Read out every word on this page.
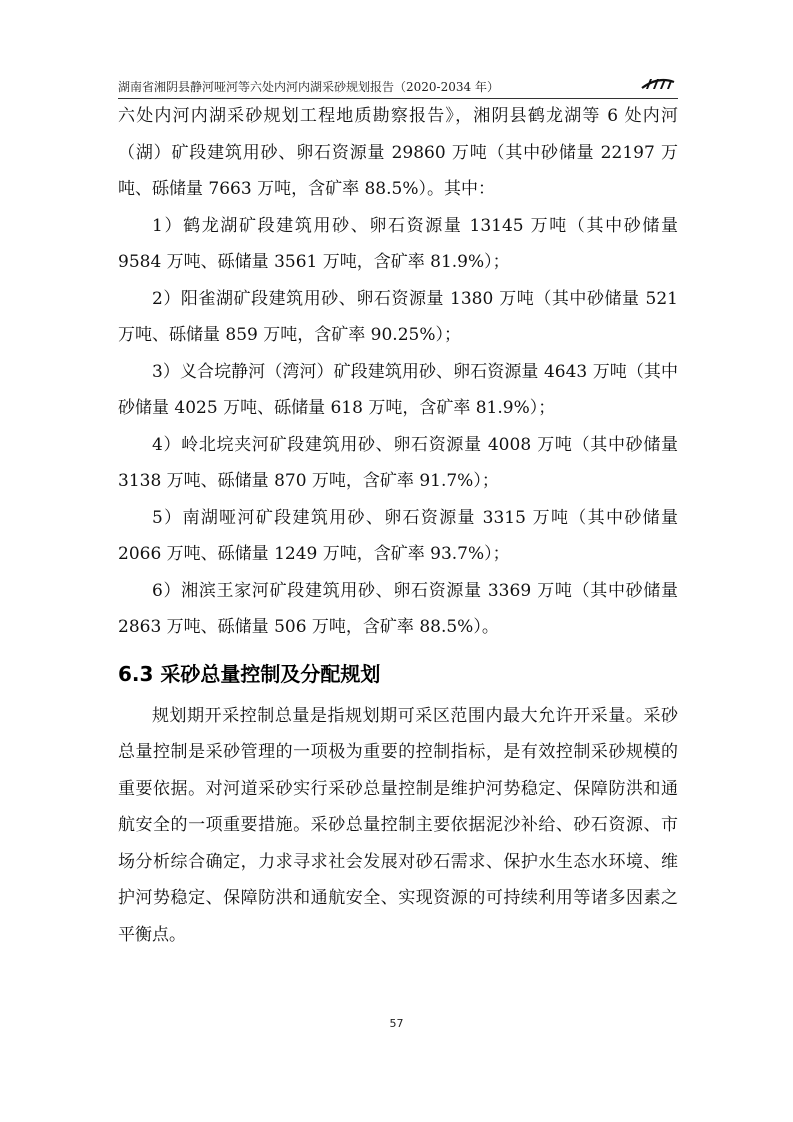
湖南省湘阴县静河哑河等六处内河内湖采砂规划报告（2020-2034 年）

六处内河内湖采砂规划工程地质勘察报告》，湘阴县鹤龙湖等 6 处内河（湖）矿段建筑用砂、卵石资源量 29860 万吨（其中砂储量 22197 万吨、砾储量 7663 万吨，含矿率 88.5%）。其中：

1）鹤龙湖矿段建筑用砂、卵石资源量 13145 万吨（其中砂储量 9584 万吨、砾储量 3561 万吨，含矿率 81.9%）；

2）阳雀湖矿段建筑用砂、卵石资源量 1380 万吨（其中砂储量 521 万吨、砾储量 859 万吨，含矿率 90.25%）；

3）义合垸静河（湾河）矿段建筑用砂、卵石资源量 4643 万吨（其中砂储量 4025 万吨、砾储量 618 万吨，含矿率 81.9%）；

4）岭北垸夹河矿段建筑用砂、卵石资源量 4008 万吨（其中砂储量 3138 万吨、砾储量 870 万吨，含矿率 91.7%）；

5）南湖哑河矿段建筑用砂、卵石资源量 3315 万吨（其中砂储量 2066 万吨、砾储量 1249 万吨，含矿率 93.7%）；

6）湘滨王家河矿段建筑用砂、卵石资源量 3369 万吨（其中砂储量 2863 万吨、砾储量 506 万吨，含矿率 88.5%）。

6.3 采砂总量控制及分配规划

规划期开采控制总量是指规划期可采区范围内最大允许开采量。采砂总量控制是采砂管理的一项极为重要的控制指标，是有效控制采砂规模的重要依据。对河道采砂实行采砂总量控制是维护河势稳定、保障防洪和通航安全的一项重要措施。采砂总量控制主要依据泥沙补给、砂石资源、市场分析综合确定，力求寻求社会发展对砂石需求、保护水生态水环境、维护河势稳定、保障防洪和通航安全、实现资源的可持续利用等诸多因素之平衡点。

57
